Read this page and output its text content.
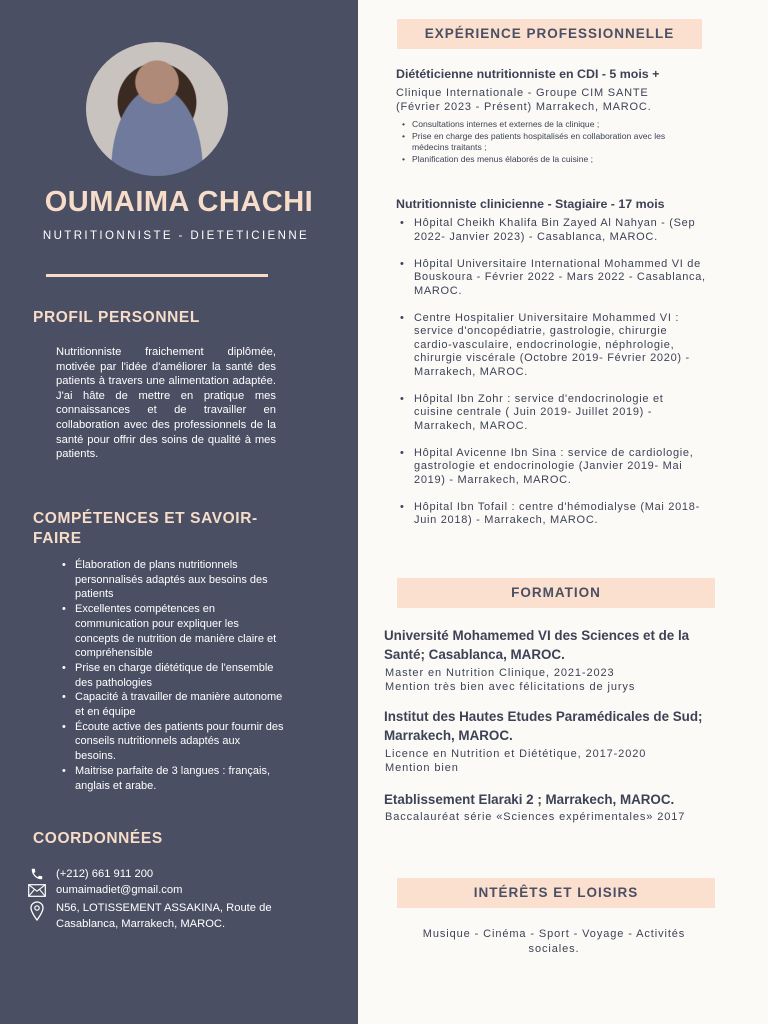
OUMAIMA CHACHI
NUTRITIONNISTE - DIETETICIENNE
PROFIL PERSONNEL

Nutritionniste fraichement diplômée, motivée par l'idée d'améliorer la santé des patients à travers une alimentation adaptée. J'ai hâte de mettre en pratique mes connaissances et de travailler en collaboration avec des professionnels de la santé pour offrir des soins de qualité à mes patients.

COMPÉTENCES ET SAVOIR-FAIRE
• Élaboration de plans nutritionnels personnalisés adaptés aux besoins des patients
• Excellentes compétences en communication pour expliquer les concepts de nutrition de manière claire et compréhensible
• Prise en charge diététique de l'ensemble des pathologies
• Capacité à travailler de manière autonome et en équipe
• Écoute active des patients pour fournir des conseils nutritionnels adaptés aux besoins.
• Maitrise parfaite de 3 langues : français, anglais et arabe.
COORDONNÉES
(+212) 661 911 200
oumaimadiet@gmail.com
N56, LOTISSEMENT ASSAKINA, Route de Casablanca, Marrakech, MAROC.
EXPÉRIENCE PROFESSIONNELLE
Diététicienne nutritionniste en CDI - 5 mois +
Clinique Internationale - Groupe CIM SANTE (Février 2023 - Présent) Marrakech, MAROC.
• Consultations internes et externes de la clinique ;
• Prise en charge des patients hospitalisés en collaboration avec les médecins traitants ;
• Planification des menus élaborés de la cuisine ;
Nutritionniste clinicienne - Stagiaire - 17 mois
• Hôpital Cheikh Khalifa Bin Zayed Al Nahyan - (Sep 2022- Janvier 2023) - Casablanca, MAROC.
• Hôpital Universitaire International Mohammed VI de Bouskoura - Février 2022 - Mars 2022 - Casablanca, MAROC.
• Centre Hospitalier Universitaire Mohammed VI : service d'oncopédiatrie, gastrologie, chirurgie cardio-vasculaire, endocrinologie, néphrologie, chirurgie viscérale (Octobre 2019- Février 2020) - Marrakech, MAROC.
• Hôpital Ibn Zohr : service d'endocrinologie et cuisine centrale ( Juin 2019- Juillet 2019) - Marrakech, MAROC.
• Hôpital Avicenne Ibn Sina : service de cardiologie, gastrologie et endocrinologie (Janvier 2019- Mai 2019) - Marrakech, MAROC.
• Hôpital Ibn Tofail : centre d'hémodialyse (Mai 2018- Juin 2018) - Marrakech, MAROC.
FORMATION
Université Mohamemed VI des Sciences et de la Santé; Casablanca, MAROC.
Master en Nutrition Clinique, 2021-2023
Mention très bien avec félicitations de jurys
Institut des Hautes Etudes Paramédicales de Sud; Marrakech, MAROC.
Licence en Nutrition et Diététique, 2017-2020
Mention bien
Etablissement Elaraki 2 ; Marrakech, MAROC.
Baccalauréat série «Sciences expérimentales» 2017
INTÉRÊTS ET LOISIRS

Musique - Cinéma - Sport - Voyage - Activités sociales.
